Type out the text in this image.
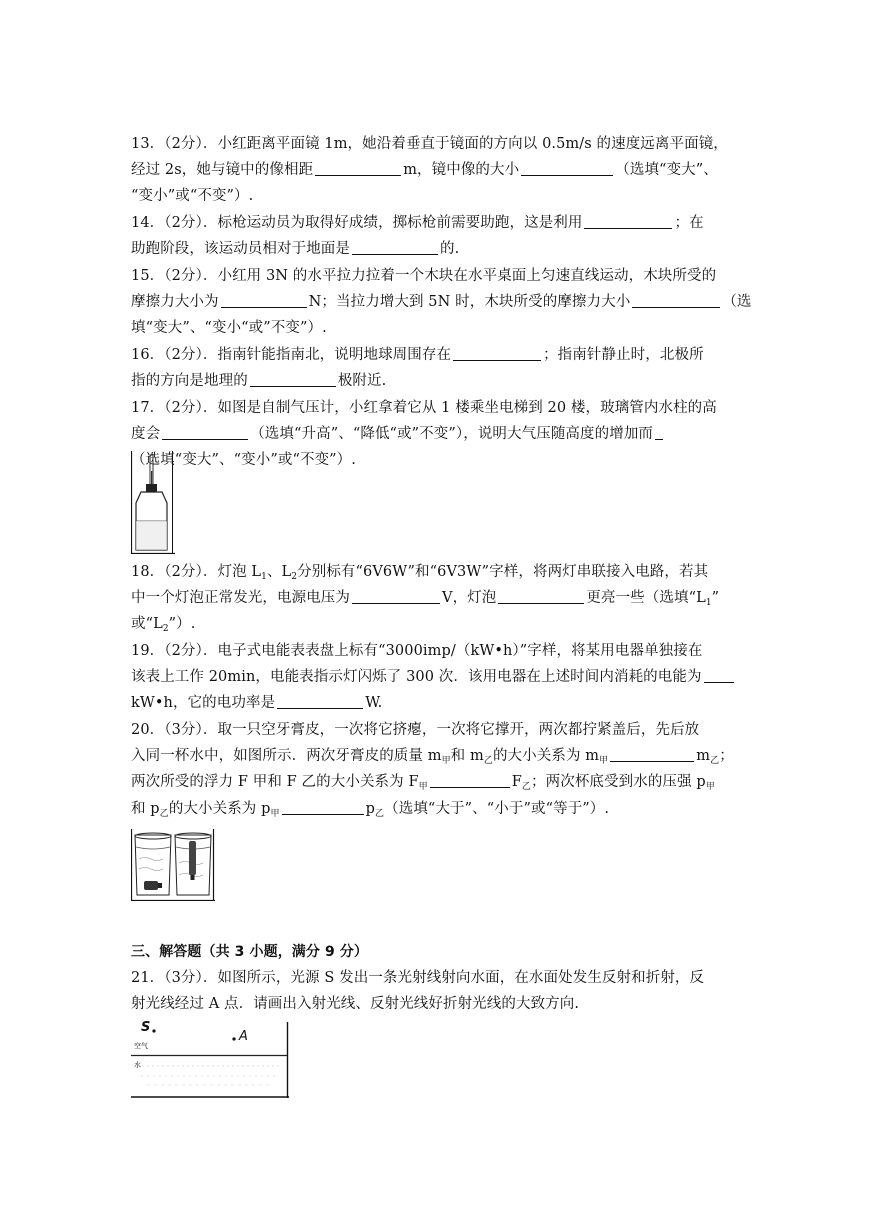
13．（2分）．小红距离平面镜 1m，她沿着垂直于镜面的方向以 0.5m/s 的速度远离平面镜，
经过 2s，她与镜中的像相距	m，镜中像的大小	（选填“变大”、
“变小”或“不变”）.
14．（2分）．标枪运动员为取得好成绩，掷标枪前需要助跑，这是利用	；在
助跑阶段，该运动员相对于地面是	的.
15．（2分）．小红用 3N 的水平拉力拉着一个木块在水平桌面上匀速直线运动，木块所受的
摩擦力大小为	N；当拉力增大到 5N 时，木块所受的摩擦力大小	（选
填“变大”、“变小“或”不变”）.
16．（2分）．指南针能指南北，说明地球周围存在	；指南针静止时，北极所
指的方向是地理的	极附近.
17．（2分）．如图是自制气压计，小红拿着它从 1 楼乘坐电梯到 20 楼，玻璃管内水柱的高
度会	（选填“升高”、“降低“或”不变”），说明大气压随高度的增加而
（选填“变大”、“变小”或“不变”）.
18．（2分）．灯泡 $L_1$、$L_2$分别标有“6V6W”和“6V3W”字样，将两灯串联接入电路，若其
中一个灯泡正常发光，电源电压为	V，灯泡	更亮一些（选填“$L_1$”
或“$L_2$”）.
19．（2分）．电子式电能表表盘上标有“3000imp/（kW•h）”字样，将某用电器单独接在
该表上工作 20min，电能表指示灯闪烁了 300 次．该用电器在上述时间内消耗的电能为
kW•h，它的电功率是	W.
20．（3分）．取一只空牙膏皮，一次将它挤瘪，一次将它撑开，两次都拧紧盖后，先后放
入同一杯水中，如图所示．两次牙膏皮的质量 $m_甲$和 $m_乙$的大小关系为 $m_甲$	$m_乙$；
两次所受的浮力 F 甲和 F 乙的大小关系为 $F_甲$	$F_乙$；两次杯底受到水的压强 $p_甲$
和 $p_乙$的大小关系为 $p_甲$	$p_乙$（选填“大于”、“小于”或“等于”）.
三、解答题（共 3 小题，满分 9 分）
21．（3分）．如图所示，光源 S 发出一条光射线射向水面，在水面处发生反射和折射，反
射光线经过 A 点．请画出入射光线、反射光线好折射光线的大致方向.
S
A
空气
水
